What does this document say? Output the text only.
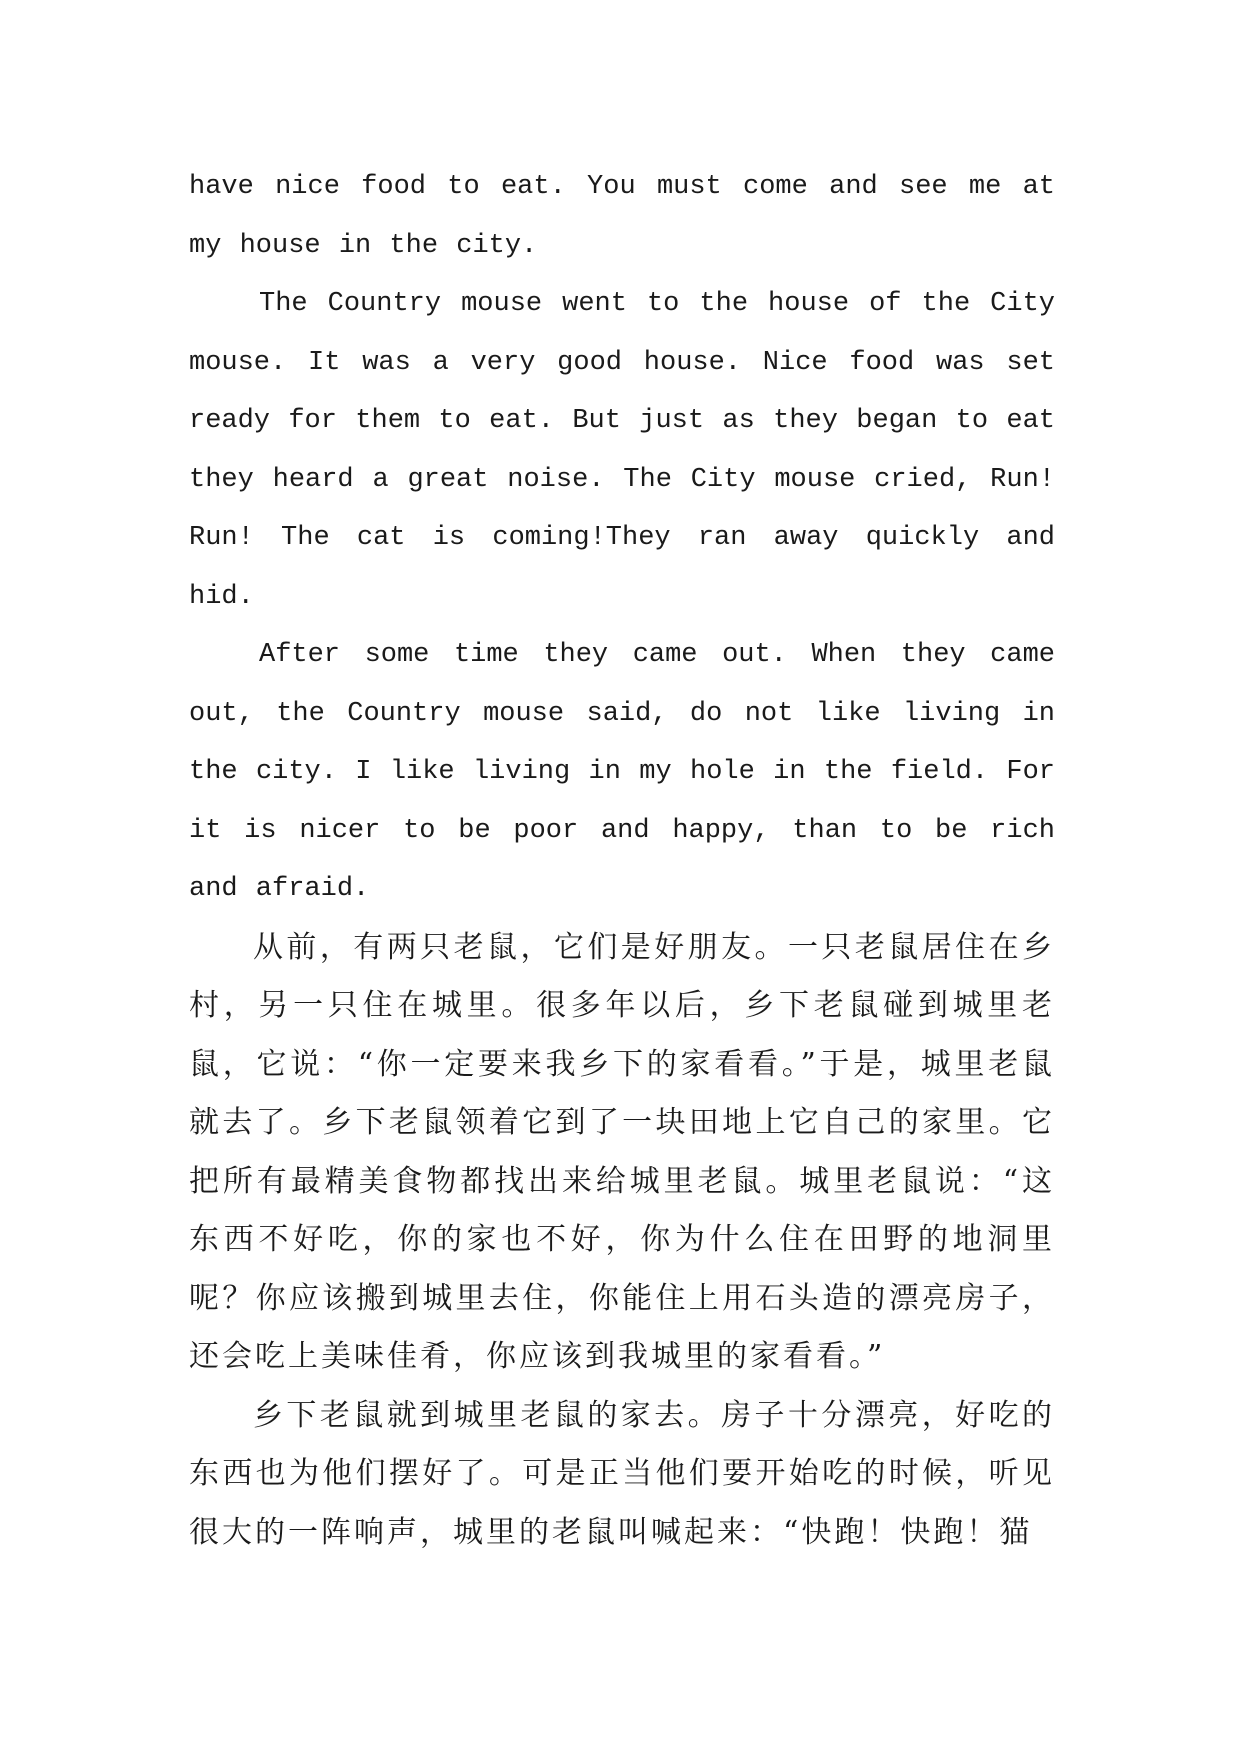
have nice food to eat. You must come and see me at my house in the city.

The Country mouse went to the house of the City mouse. It was a very good house. Nice food was set ready for them to eat. But just as they began to eat they heard a great noise. The City mouse cried, Run! Run! The cat is coming!They ran away quickly and hid.

After some time they came out. When they came out, the Country mouse said, do not like living in the city. I like living in my hole in the field. For it is nicer to be poor and happy, than to be rich and afraid.

从前，有两只老鼠，它们是好朋友。一只老鼠居住在乡村，另一只住在城里。很多年以后，乡下老鼠碰到城里老鼠，它说：“你一定要来我乡下的家看看。”于是，城里老鼠就去了。乡下老鼠领着它到了一块田地上它自己的家里。它把所有最精美食物都找出来给城里老鼠。城里老鼠说：“这东西不好吃，你的家也不好，你为什么住在田野的地洞里呢？你应该搬到城里去住，你能住上用石头造的漂亮房子，还会吃上美味佳肴，你应该到我城里的家看看。”

乡下老鼠就到城里老鼠的家去。房子十分漂亮，好吃的东西也为他们摆好了。可是正当他们要开始吃的时候，听见很大的一阵响声，城里的老鼠叫喊起来：“快跑！快跑！猫
